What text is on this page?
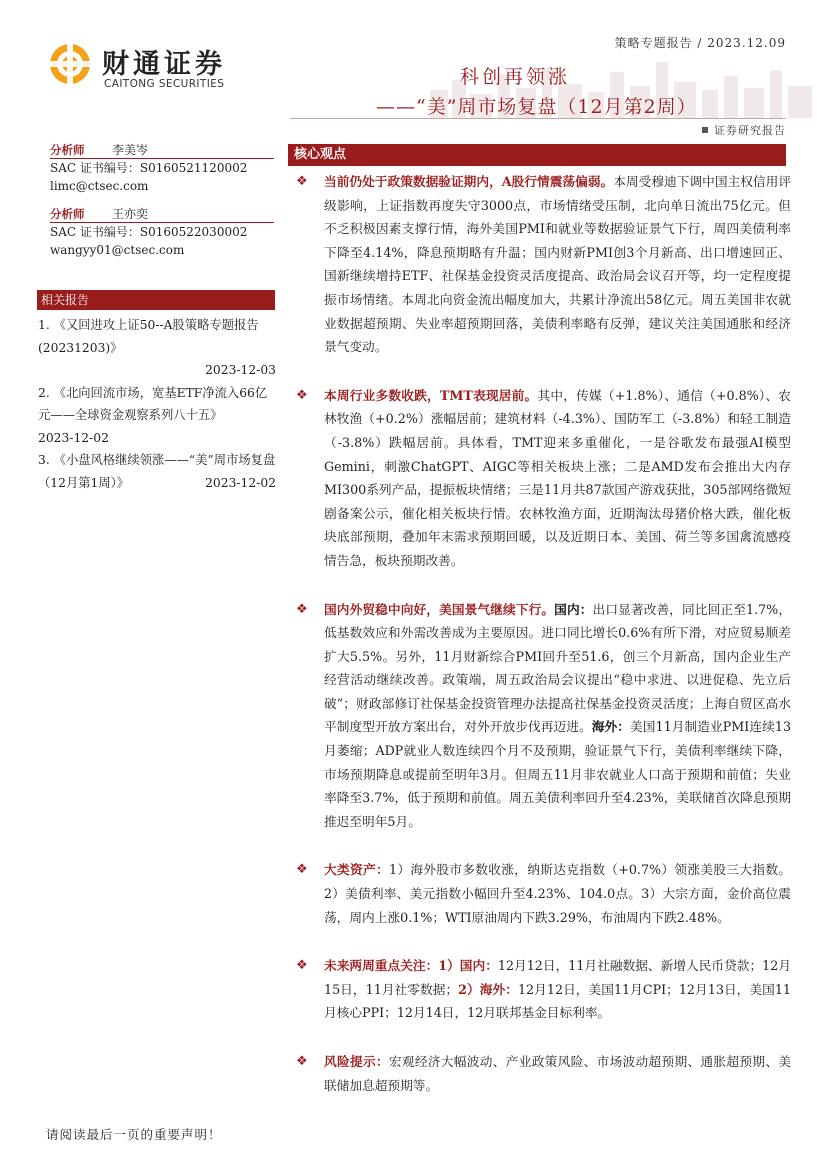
财通证券
CAITONG SECURITIES
策略专题报告 / 2023.12.09
科创再领涨
——“美”周市场复盘（12月第2周）
证券研究报告
分析师	李美岑
SAC 证书编号：S0160521120002
limc@ctsec.com
分析师	王亦奕
SAC 证书编号：S0160522030002
wangyy01@ctsec.com
相关报告
1. 《又回进攻上证50--A股策略专题报告(20231203)》

2023-12-03

2. 《北向回流市场，宽基ETF净流入66亿元——全球资金观察系列八十五》
2023-12-02
3. 《小盘风格继续领涨——“美”周市场复盘（12月第1周）》	2023-12-02
核心观点
❖ 当前仍处于政策数据验证期内，A股行情震荡偏弱。本周受穆迪下调中国主权信用评级影响，上证指数再度失守3000点，市场情绪受压制，北向单日流出75亿元。但不乏积极因素支撑行情，海外美国PMI和就业等数据验证景气下行，周四美债利率下降至4.14%，降息预期略有升温；国内财新PMI创3个月新高、出口增速回正、国新继续增持ETF、社保基金投资灵活度提高、政治局会议召开等，均一定程度提振市场情绪。本周北向资金流出幅度加大，共累计净流出58亿元。周五美国非农就业数据超预期、失业率超预期回落，美债利率略有反弹，建议关注美国通胀和经济景气变动。
❖ 本周行业多数收跌，TMT表现居前。其中，传媒（+1.8%）、通信（+0.8%）、农林牧渔（+0.2%）涨幅居前；建筑材料（-4.3%）、国防军工（-3.8%）和轻工制造（-3.8%）跌幅居前。具体看，TMT迎来多重催化，一是谷歌发布最强AI模型Gemini，刺激ChatGPT、AIGC等相关板块上涨；二是AMD发布会推出大内存MI300系列产品，提振板块情绪；三是11月共87款国产游戏获批，305部网络微短剧备案公示，催化相关板块行情。农林牧渔方面，近期淘汰母猪价格大跌，催化板块底部预期，叠加年末需求预期回暖，以及近期日本、美国、荷兰等多国禽流感疫情告急，板块预期改善。
❖ 国内外贸稳中向好，美国景气继续下行。国内：出口显著改善，同比回正至1.7%，低基数效应和外需改善成为主要原因。进口同比增长0.6%有所下滑，对应贸易顺差扩大5.5%。另外，11月财新综合PMI回升至51.6，创三个月新高，国内企业生产经营活动继续改善。政策端，周五政治局会议提出“稳中求进、以进促稳、先立后破”；财政部修订社保基金投资管理办法提高社保基金投资灵活度；上海自贸区高水平制度型开放方案出台，对外开放步伐再迈进。海外：美国11月制造业PMI连续13月萎缩；ADP就业人数连续四个月不及预期，验证景气下行，美债利率继续下降，市场预期降息或提前至明年3月。但周五11月非农就业人口高于预期和前值；失业率降至3.7%，低于预期和前值。周五美债利率回升至4.23%，美联储首次降息预期推迟至明年5月。
❖ 大类资产：1）海外股市多数收涨，纳斯达克指数（+0.7%）领涨美股三大指数。2）美债利率、美元指数小幅回升至4.23%、104.0点。3）大宗方面，金价高位震荡，周内上涨0.1%；WTI原油周内下跌3.29%，布油周内下跌2.48%。
❖ 未来两周重点关注：1）国内：12月12日，11月社融数据、新增人民币贷款；12月15日，11月社零数据；2）海外：12月12日，美国11月CPI；12月13日，美国11月核心PPI；12月14日，12月联邦基金目标利率。
❖ 风险提示：宏观经济大幅波动、产业政策风险、市场波动超预期、通胀超预期、美联储加息超预期等。
请阅读最后一页的重要声明！
